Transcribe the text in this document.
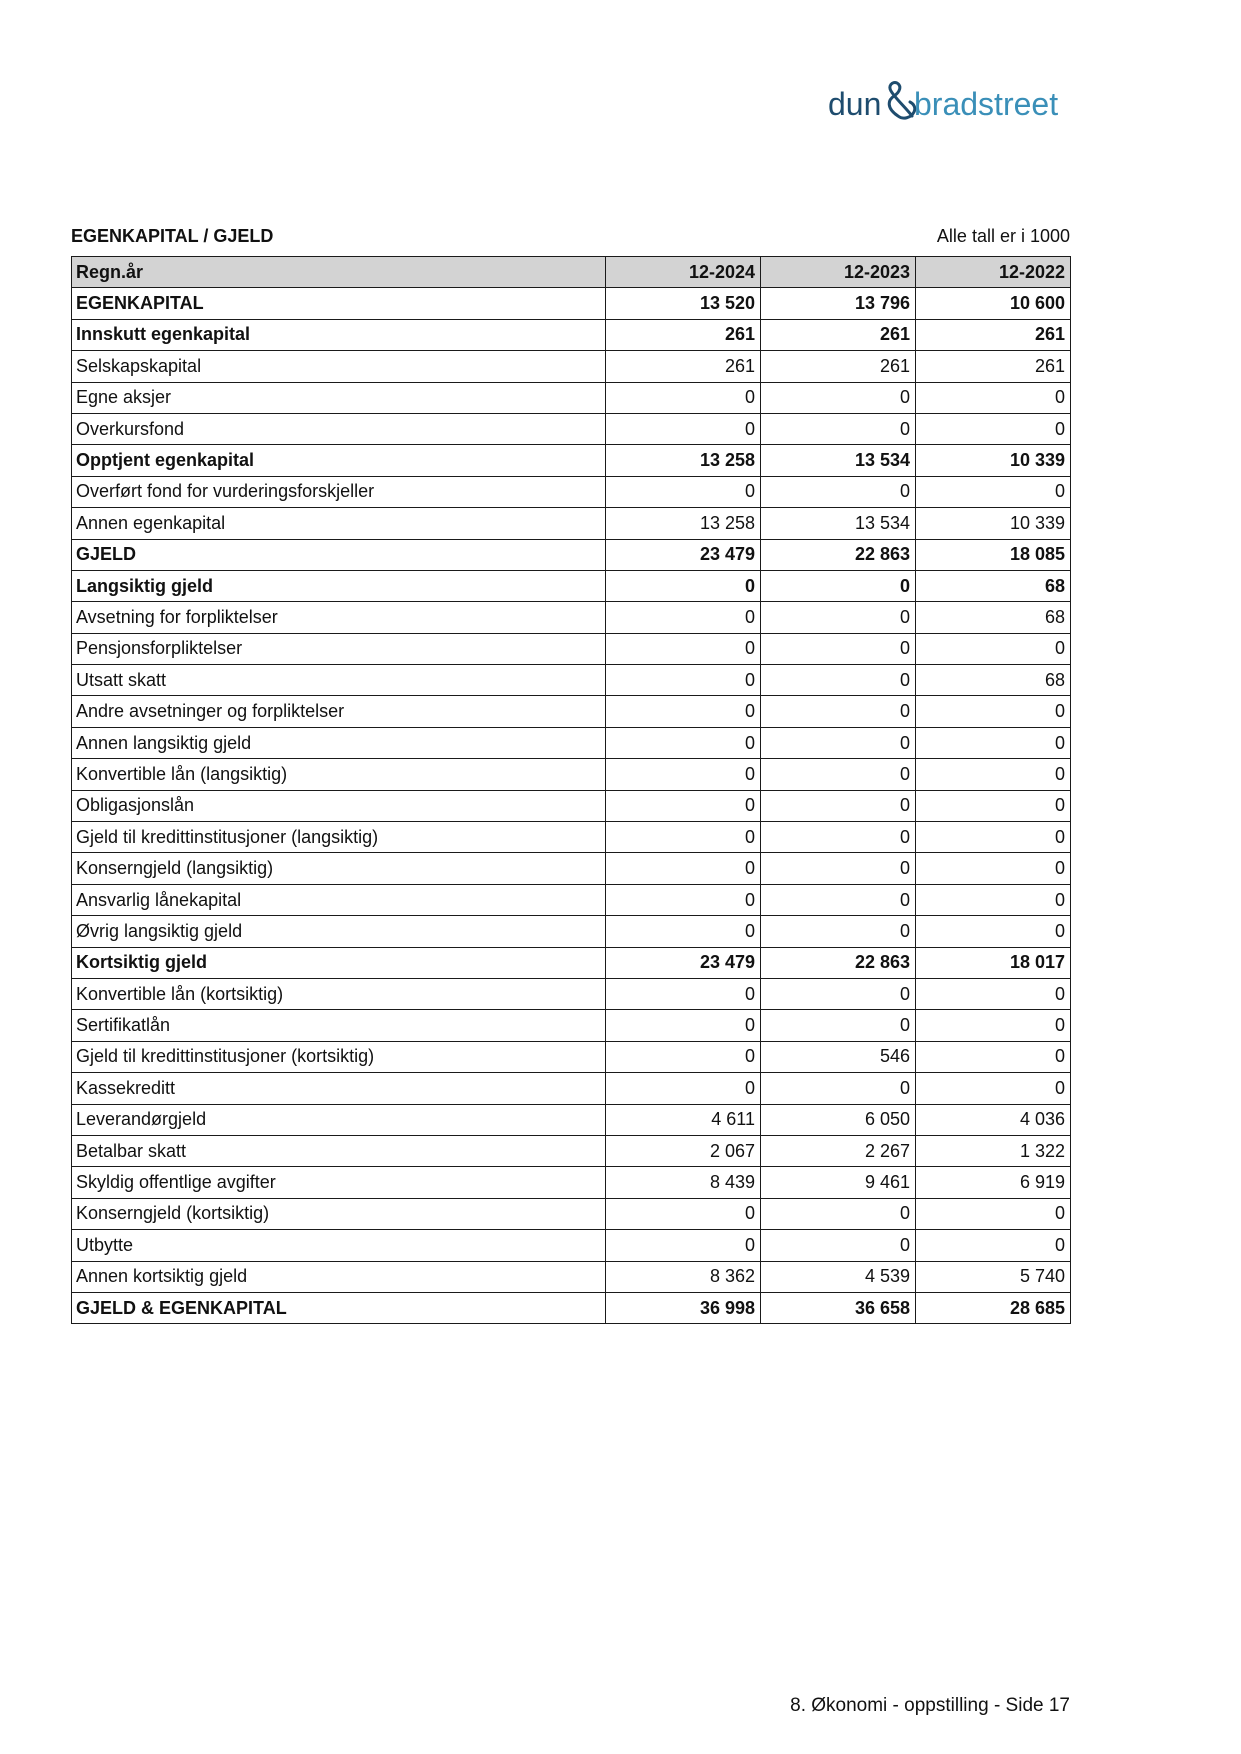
dun bradstreet
EGENKAPITAL / GJELD	Alle tall er i 1000
Regn.år	12-2024	12-2023	12-2022
EGENKAPITAL	13 520	13 796	10 600
Innskutt egenkapital	261	261	261
Selskapskapital	261	261	261
Egne aksjer	0	0	0
Overkursfond	0	0	0
Opptjent egenkapital	13 258	13 534	10 339
Overført fond for vurderingsforskjeller	0	0	0
Annen egenkapital	13 258	13 534	10 339
GJELD	23 479	22 863	18 085
Langsiktig gjeld	0	0	68
Avsetning for forpliktelser	0	0	68
Pensjonsforpliktelser	0	0	0
Utsatt skatt	0	0	68
Andre avsetninger og forpliktelser	0	0	0
Annen langsiktig gjeld	0	0	0
Konvertible lån (langsiktig)	0	0	0
Obligasjonslån	0	0	0
Gjeld til kredittinstitusjoner (langsiktig)	0	0	0
Konserngjeld (langsiktig)	0	0	0
Ansvarlig lånekapital	0	0	0
Øvrig langsiktig gjeld	0	0	0
Kortsiktig gjeld	23 479	22 863	18 017
Konvertible lån (kortsiktig)	0	0	0
Sertifikatlån	0	0	0
Gjeld til kredittinstitusjoner (kortsiktig)	0	546	0
Kassekreditt	0	0	0
Leverandørgjeld	4 611	6 050	4 036
Betalbar skatt	2 067	2 267	1 322
Skyldig offentlige avgifter	8 439	9 461	6 919
Konserngjeld (kortsiktig)	0	0	0
Utbytte	0	0	0
Annen kortsiktig gjeld	8 362	4 539	5 740
GJELD & EGENKAPITAL	36 998	36 658	28 685
8. Økonomi - oppstilling - Side 17
